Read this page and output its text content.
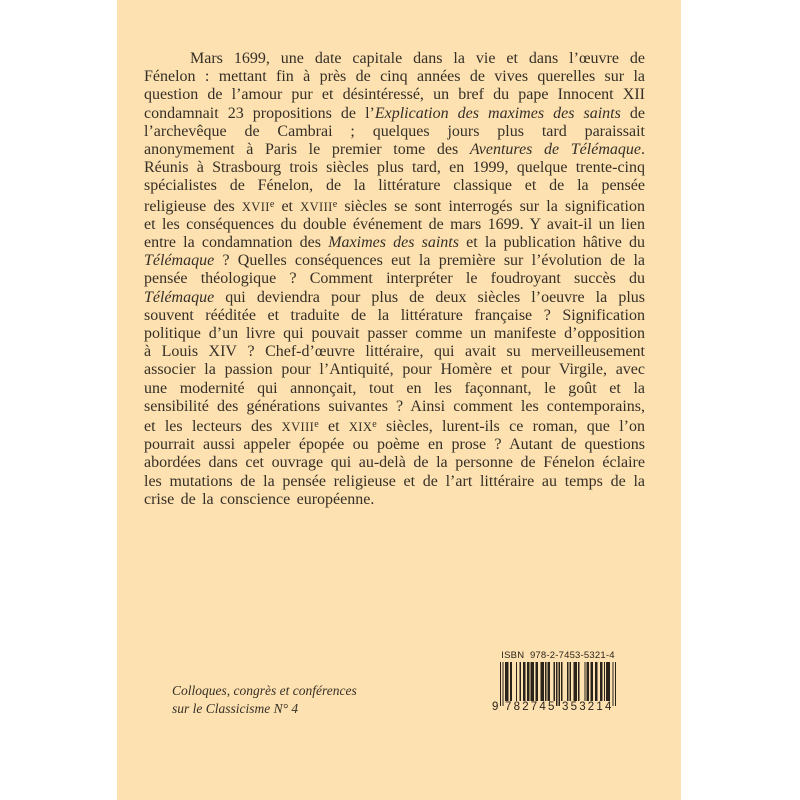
Mars 1699, une date capitale dans la vie et dans l’œuvre de Fénelon : mettant fin à près de cinq années de vives querelles sur la question de l’amour pur et désintéressé, un bref du pape Innocent XII condamnait 23 propositions de l’Explication des maximes des saints de l’archevêque de Cambrai ; quelques jours plus tard paraissait anonymement à Paris le premier tome des Aventures de Télémaque. Réunis à Strasbourg trois siècles plus tard, en 1999, quelque trente-cinq spécialistes de Fénelon, de la littérature classique et de la pensée religieuse des XVIIe et XVIIIe siècles se sont interrogés sur la signification et les conséquences du double événement de mars 1699. Y avait-il un lien entre la condamnation des Maximes des saints et la publication hâtive du Télémaque ? Quelles conséquences eut la première sur l’évolution de la pensée théologique ? Comment interpréter le foudroyant succès du Télémaque qui deviendra pour plus de deux siècles l’oeuvre la plus souvent rééditée et traduite de la littérature française ? Signification politique d’un livre qui pouvait passer comme un manifeste d’opposition à Louis XIV ? Chef-d’œuvre littéraire, qui avait su merveilleusement associer la passion pour l’Antiquité, pour Homère et pour Virgile, avec une modernité qui annonçait, tout en les façonnant, le goût et la sensibilité des générations suivantes ? Ainsi comment les contemporains, et les lecteurs des XVIIIe et XIXe siècles, lurent-ils ce roman, que l’on pourrait aussi appeler épopée ou poème en prose ? Autant de questions abordées dans cet ouvrage qui au-delà de la personne de Fénelon éclaire les mutations de la pensée religieuse et de l’art littéraire au temps de la crise de la conscience européenne.
Colloques, congrès et conférences
sur le Classicisme N° 4
ISBN  978-2-7453-5321-4
9 782745 353214
